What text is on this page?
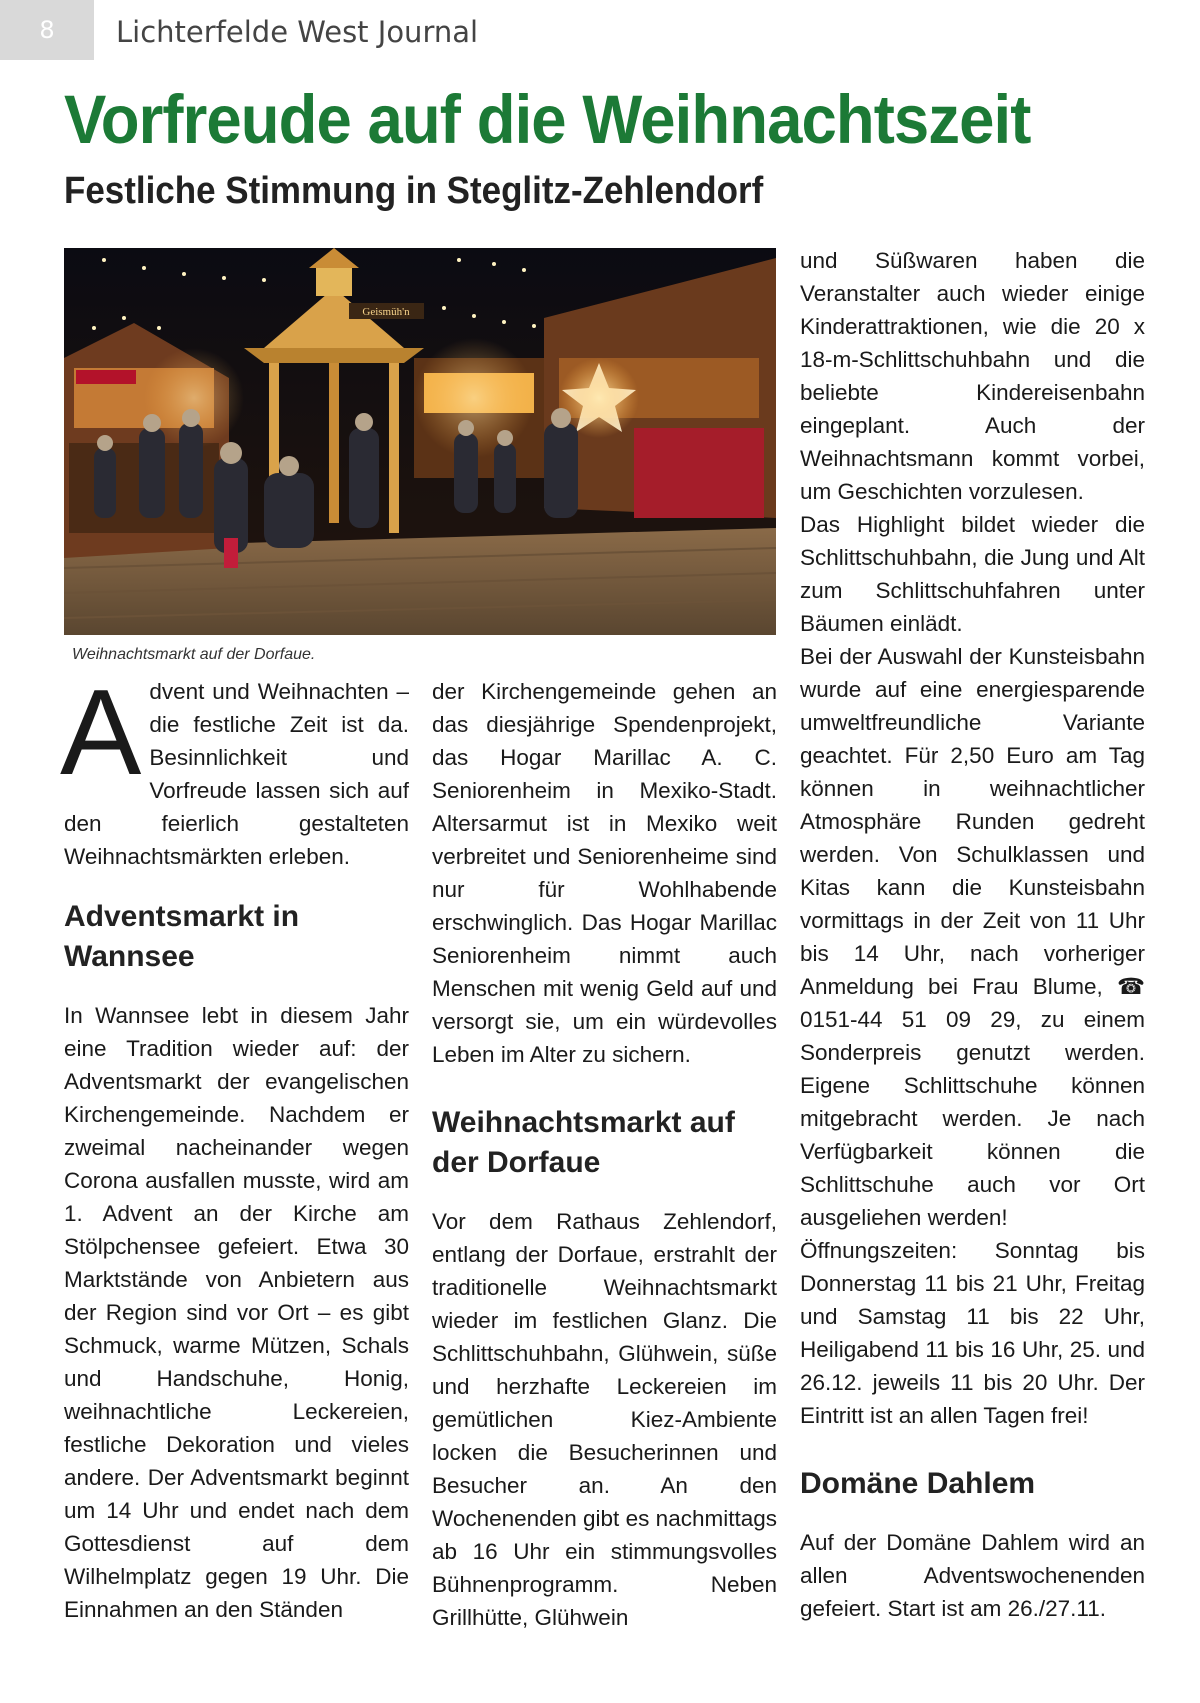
8	Lichterfelde West Journal
Vorfreude auf die Weihnachtszeit
Festliche Stimmung in Steglitz-Zehlendorf
Geismüh'n
Weihnachtsmarkt auf der Dorfaue.

Advent und Weihnachten – die festliche Zeit ist da. Besinnlichkeit und Vorfreude lassen sich auf den feierlich gestalteten Weihnachtsmärkten erleben.

Adventsmarkt in Wannsee

In Wannsee lebt in diesem Jahr eine Tradition wieder auf: der Adventsmarkt der evangelischen Kirchengemeinde. Nachdem er zweimal nacheinander wegen Corona ausfallen musste, wird am 1. Advent an der Kirche am Stölpchensee gefeiert. Etwa 30 Marktstände von Anbietern aus der Region sind vor Ort – es gibt Schmuck, warme Mützen, Schals und Handschuhe, Honig, weihnachtliche Leckereien, festliche Dekoration und vieles andere. Der Adventsmarkt beginnt um 14 Uhr und endet nach dem Gottesdienst auf dem Wilhelmplatz gegen 19 Uhr. Die Einnahmen an den Ständen

der Kirchengemeinde gehen an das diesjährige Spendenprojekt, das Hogar Marillac A. C. Seniorenheim in Mexiko-Stadt. Altersarmut ist in Mexiko weit verbreitet und Seniorenheime sind nur für Wohlhabende erschwinglich. Das Hogar Marillac Seniorenheim nimmt auch Menschen mit wenig Geld auf und versorgt sie, um ein würdevolles Leben im Alter zu sichern.

Weihnachtsmarkt auf der Dorfaue

Vor dem Rathaus Zehlendorf, entlang der Dorfaue, erstrahlt der traditionelle Weihnachtsmarkt wieder im festlichen Glanz. Die Schlittschuhbahn, Glühwein, süße und herzhafte Leckereien im gemütlichen Kiez-Ambiente locken die Besucherinnen und Besucher an. An den Wochenenden gibt es nachmittags ab 16 Uhr ein stimmungsvolles Bühnenprogramm. Neben Grillhütte, Glühwein

und Süßwaren haben die Veranstalter auch wieder einige Kinderattraktionen, wie die 20 x 18-m-Schlittschuhbahn und die beliebte Kindereisenbahn eingeplant. Auch der Weihnachtsmann kommt vorbei, um Geschichten vorzulesen.

Das Highlight bildet wieder die Schlittschuhbahn, die Jung und Alt zum Schlittschuhfahren unter Bäumen einlädt.

Bei der Auswahl der Kunsteisbahn wurde auf eine energiesparende umweltfreundliche Variante geachtet. Für 2,50 Euro am Tag können in weihnachtlicher Atmosphäre Runden gedreht werden. Von Schulklassen und Kitas kann die Kunsteisbahn vormittags in der Zeit von 11 Uhr bis 14 Uhr, nach vorheriger Anmeldung bei Frau Blume, ☎ 0151-44 51 09 29, zu einem Sonderpreis genutzt werden. Eigene Schlittschuhe können mitgebracht werden. Je nach Verfügbarkeit können die Schlittschuhe auch vor Ort ausgeliehen werden!

Öffnungszeiten: Sonntag bis Donnerstag 11 bis 21 Uhr, Freitag und Samstag 11 bis 22 Uhr, Heiligabend 11 bis 16 Uhr, 25. und 26.12. jeweils 11 bis 20 Uhr. Der Eintritt ist an allen Tagen frei!

Domäne Dahlem

Auf der Domäne Dahlem wird an allen Adventswochenenden gefeiert. Start ist am 26./27.11.
